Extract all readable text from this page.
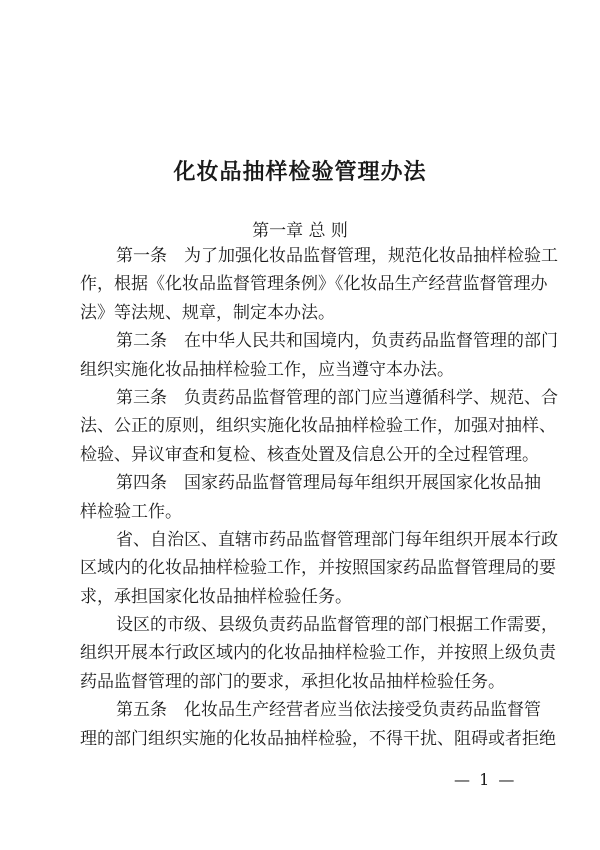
化妆品抽样检验管理办法
第一章 总 则
第一条 为了加强化妆品监督管理，规范化妆品抽样检验工
作，根据《化妆品监督管理条例》《化妆品生产经营监督管理办
法》等法规、规章，制定本办法。
第二条 在中华人民共和国境内，负责药品监督管理的部门
组织实施化妆品抽样检验工作，应当遵守本办法。
第三条 负责药品监督管理的部门应当遵循科学、规范、合
法、公正的原则，组织实施化妆品抽样检验工作，加强对抽样、
检验、异议审查和复检、核查处置及信息公开的全过程管理。
第四条 国家药品监督管理局每年组织开展国家化妆品抽
样检验工作。
省、自治区、直辖市药品监督管理部门每年组织开展本行政
区域内的化妆品抽样检验工作，并按照国家药品监督管理局的要
求，承担国家化妆品抽样检验任务。
设区的市级、县级负责药品监督管理的部门根据工作需要，
组织开展本行政区域内的化妆品抽样检验工作，并按照上级负责
药品监督管理的部门的要求，承担化妆品抽样检验任务。
第五条 化妆品生产经营者应当依法接受负责药品监督管
理的部门组织实施的化妆品抽样检验，不得干扰、阻碍或者拒绝
— 1 —
